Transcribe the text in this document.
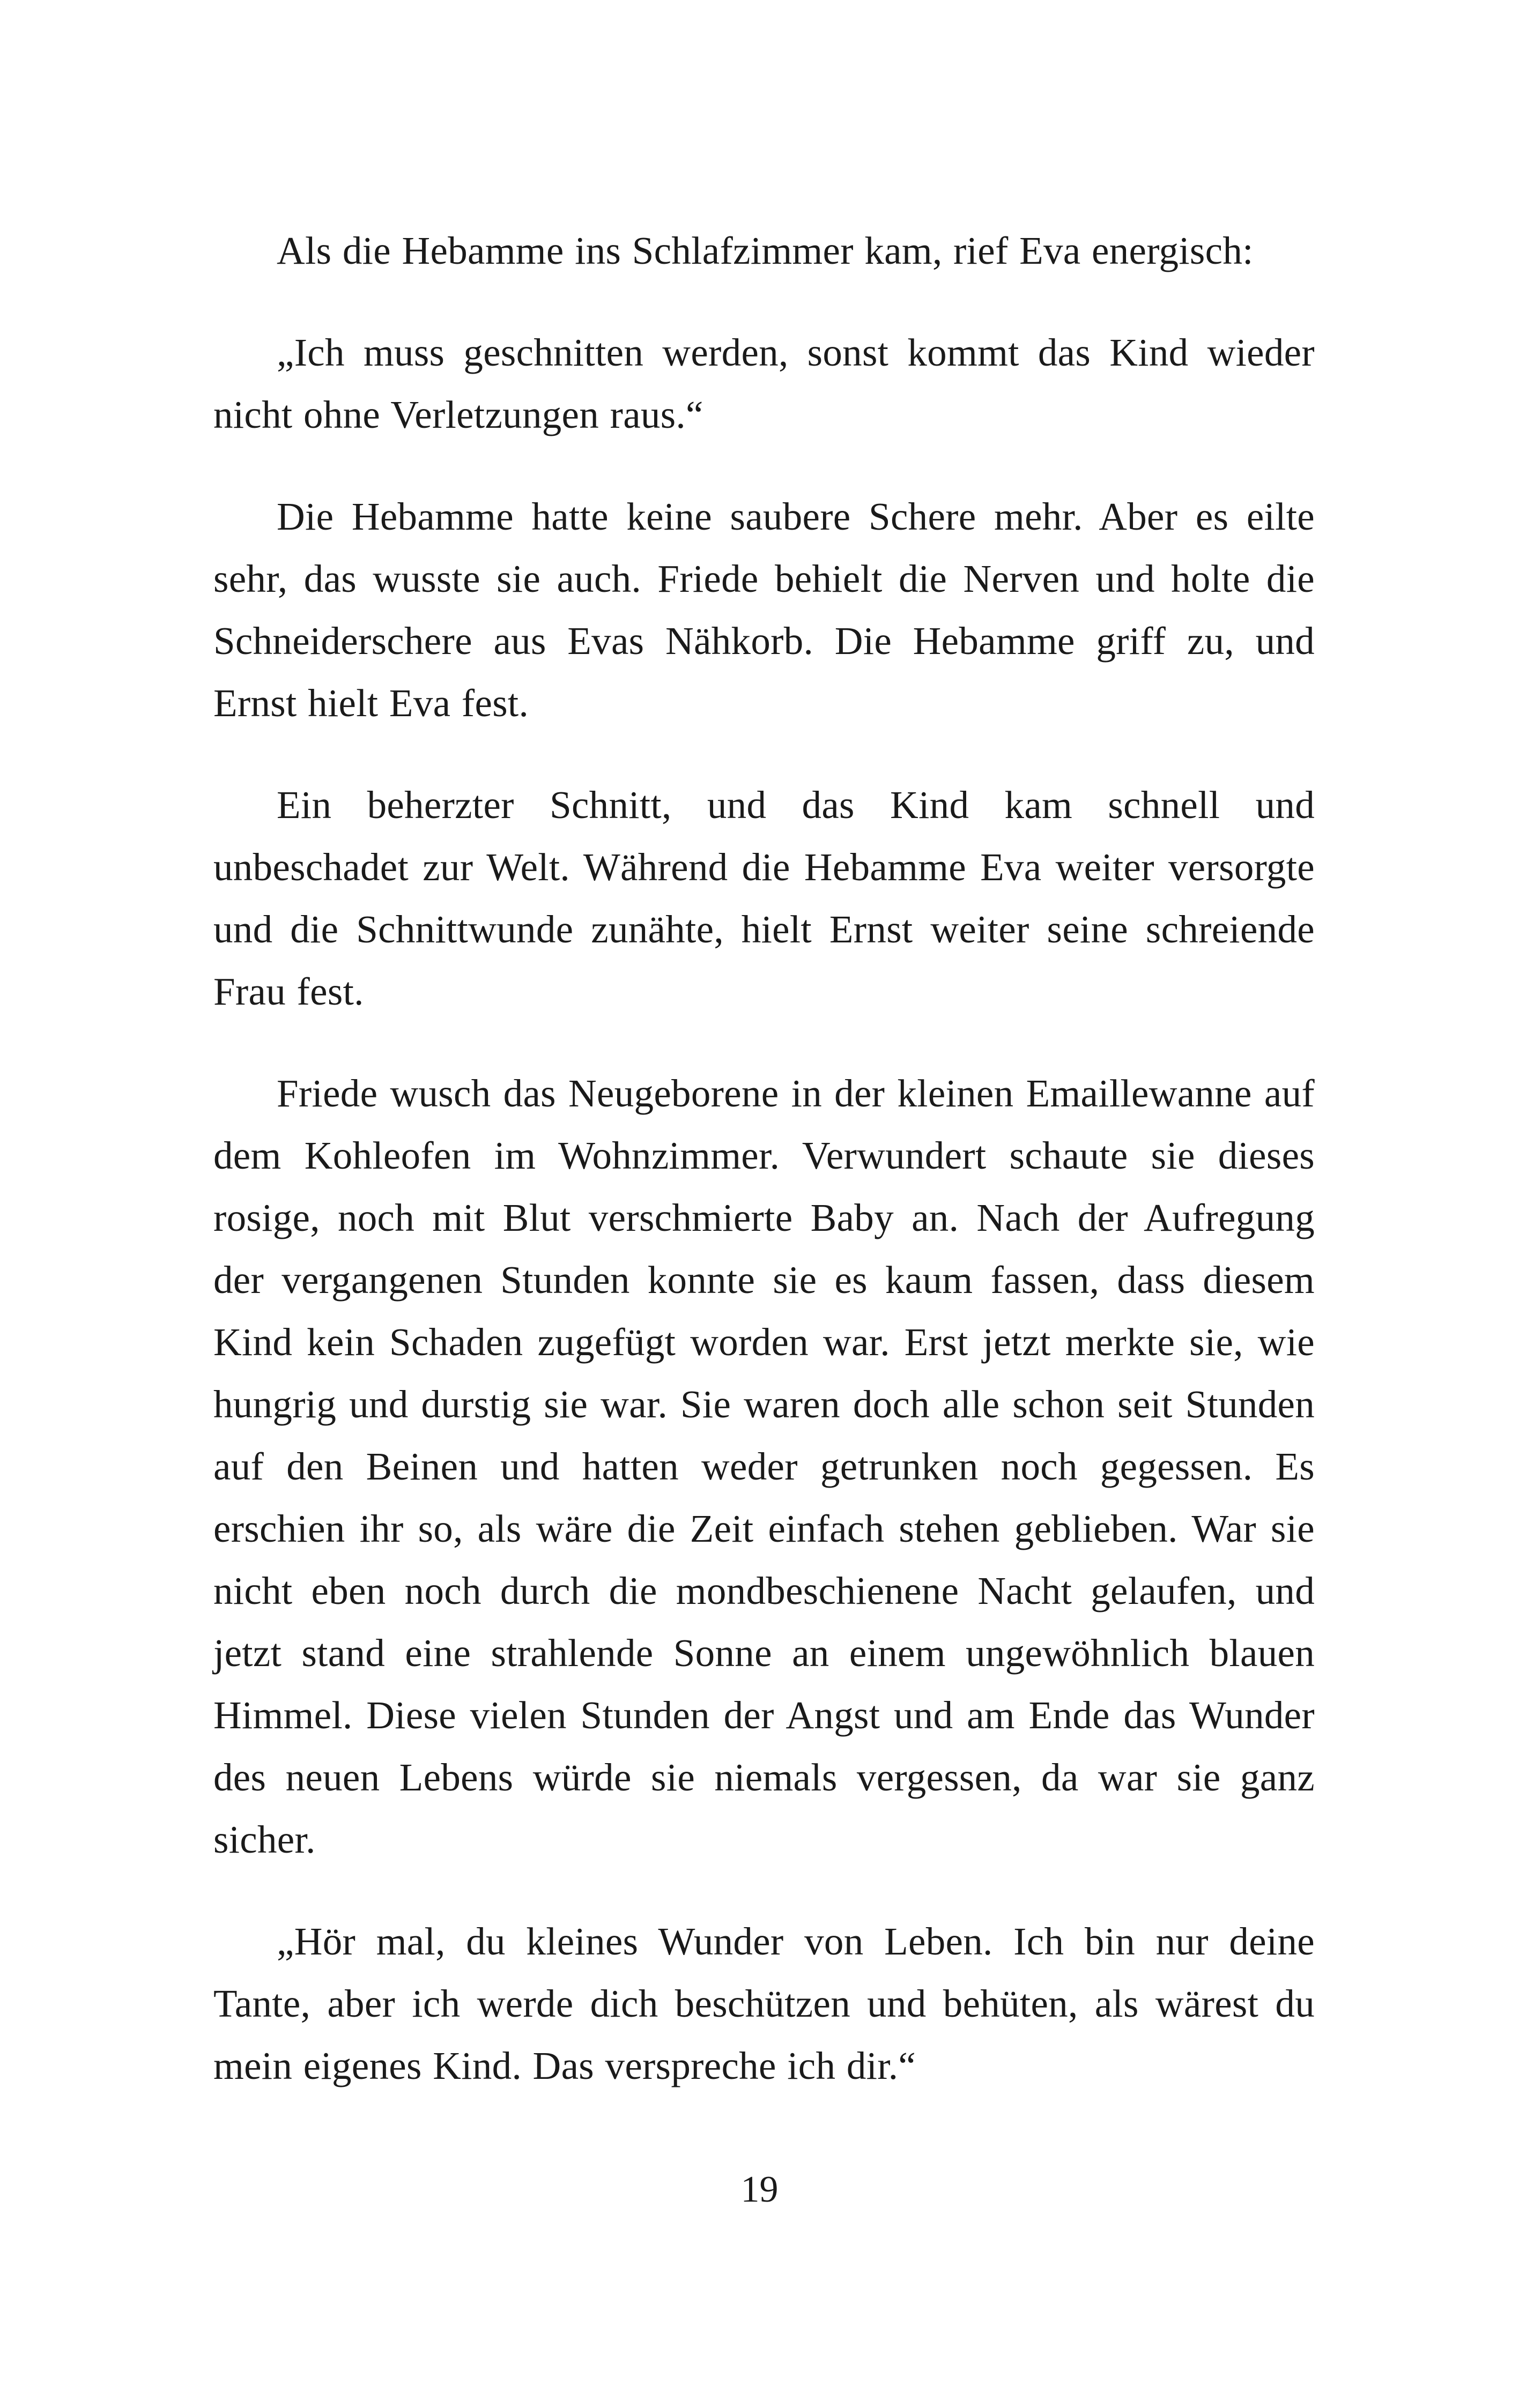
Als die Hebamme ins Schlafzimmer kam, rief Eva energisch:

„Ich muss geschnitten werden, sonst kommt das Kind wieder nicht ohne Verletzungen raus.“

Die Hebamme hatte keine saubere Schere mehr. Aber es eilte sehr, das wusste sie auch. Friede behielt die Nerven und holte die Schneiderschere aus Evas Nähkorb. Die Hebamme griff zu, und Ernst hielt Eva fest.

Ein beherzter Schnitt, und das Kind kam schnell und unbeschadet zur Welt. Während die Hebamme Eva weiter versorgte und die Schnittwunde zunähte, hielt Ernst weiter seine schreiende Frau fest.

Friede wusch das Neugeborene in der kleinen Emaillewanne auf dem Kohleofen im Wohnzimmer. Verwundert schaute sie dieses rosige, noch mit Blut verschmierte Baby an. Nach der Aufregung der vergangenen Stunden konnte sie es kaum fassen, dass diesem Kind kein Schaden zugefügt worden war. Erst jetzt merkte sie, wie hungrig und durstig sie war. Sie waren doch alle schon seit Stunden auf den Beinen und hatten weder getrunken noch gegessen. Es erschien ihr so, als wäre die Zeit einfach stehen geblieben. War sie nicht eben noch durch die mondbeschienene Nacht gelaufen, und jetzt stand eine strahlende Sonne an einem ungewöhnlich blauen Himmel. Diese vielen Stunden der Angst und am Ende das Wunder des neuen Lebens würde sie niemals vergessen, da war sie ganz sicher.

„Hör mal, du kleines Wunder von Leben. Ich bin nur deine Tante, aber ich werde dich beschützen und behüten, als wärest du mein eigenes Kind. Das verspreche ich dir.“

19
